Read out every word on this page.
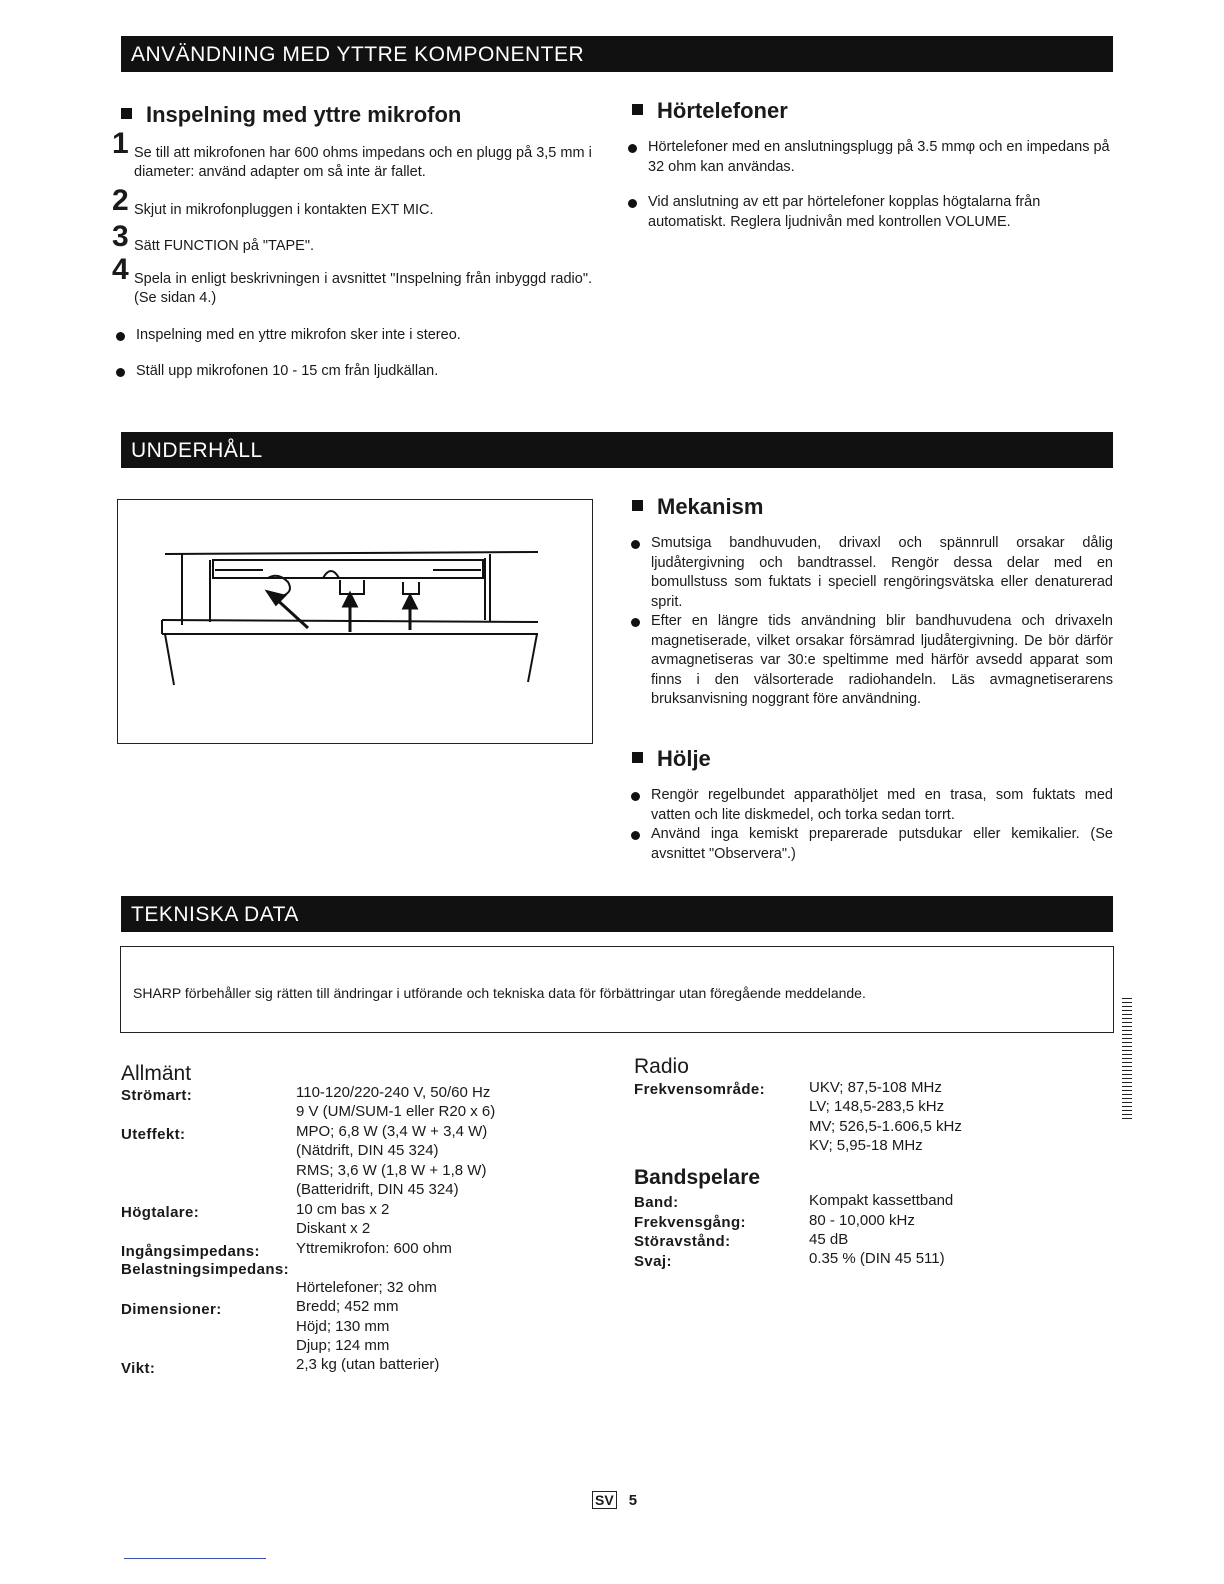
ANVÄNDNING MED YTTRE KOMPONENTER
Inspelning med yttre mikrofon
1 Se till att mikrofonen har 600 ohms impedans och en plugg på 3,5 mm i diameter: använd adapter om så inte är fallet.
2 Skjut in mikrofonpluggen i kontakten EXT MIC.
3 Sätt FUNCTION på "TAPE".
4 Spela in enligt beskrivningen i avsnittet "Inspelning från inbyggd radio". (Se sidan 4.)
Inspelning med en yttre mikrofon sker inte i stereo.
Ställ upp mikrofonen 10 - 15 cm från ljudkällan.
Hörtelefoner
Hörtelefoner med en anslutningsplugg på 3.5 mmφ och en impedans på 32 ohm kan användas.
Vid anslutning av ett par hörtelefoner kopplas högtalarna från automatiskt. Reglera ljudnivån med kontrollen VOLUME.
UNDERHÅLL
Mekanism
Smutsiga bandhuvuden, drivaxl och spännrull orsakar dålig ljudåtergivning och bandtrassel. Rengör dessa delar med en bomullstuss som fuktats i speciell rengöringsvätska eller denaturerad sprit.
Efter en längre tids användning blir bandhuvudena och drivaxeln magnetiserade, vilket orsakar försämrad ljudåtergivning. De bör därför avmagnetiseras var 30:e speltimme med härför avsedd apparat som finns i den välsorterade radiohandeln. Läs avmagnetiserarens bruksanvisning noggrant före användning.
Hölje
Rengör regelbundet apparathöljet med en trasa, som fuktats med vatten och lite diskmedel, och torka sedan torrt.
Använd inga kemiskt preparerade putsdukar eller kemikalier. (Se avsnittet "Observera".)
TEKNISKA DATA
SHARP förbehåller sig rätten till ändringar i utförande och tekniska data för förbättringar utan föregående meddelande.
Allmänt
Strömart:	110-120/220-240 V, 50/60 Hz
9 V (UM/SUM-1 eller R20 x 6)
Uteffekt:	MPO; 6,8 W (3,4 W + 3,4 W)
(Nätdrift, DIN 45 324)
RMS; 3,6 W (1,8 W + 1,8 W)
(Batteridrift, DIN 45 324)
Högtalare:	10 cm bas x 2
Diskant x 2
Ingångsimpedans: Yttremikrofon: 600 ohm
Belastningsimpedans:
Hörtelefoner; 32 ohm
Dimensioner:	Bredd; 452 mm
Höjd; 130 mm
Djup; 124 mm
Vikt:	2,3 kg (utan batterier)
Radio
Frekvensområde:	UKV; 87,5-108 MHz
LV; 148,5-283,5 kHz
MV; 526,5-1.606,5 kHz
KV; 5,95-18 MHz
Bandspelare
Band:	Kompakt kassettband
Frekvensgång:	80 - 10,000 kHz
Störavstånd:	45 dB
Svaj:	0.35 % (DIN 45 511)
SV 5
